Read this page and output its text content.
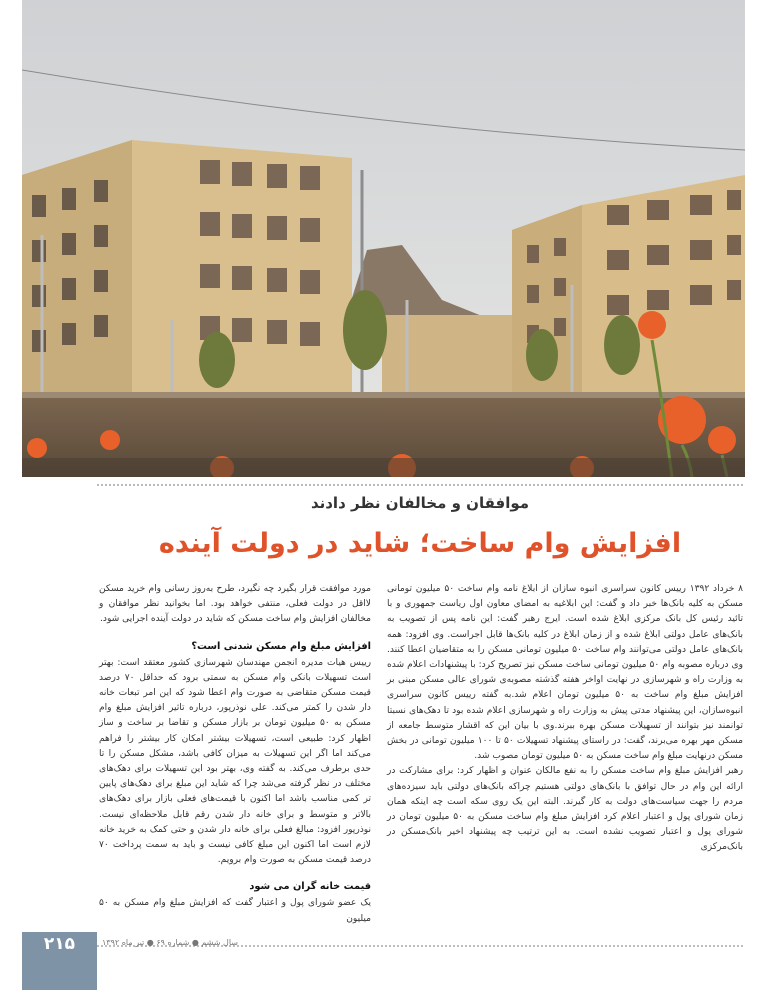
موافقان و مخالفان نظر دادند
افزایش وام ساخت؛ شاید در دولت آینده

۸ خرداد ۱۳۹۲ رییس کانون سراسری انبوه سازان از ابلاغ نامه وام ساخت ۵۰ میلیون تومانی مسکن به کلیه بانک‌ها خبر داد و گفت: این ابلاغیه به امضای معاون اول ریاست جمهوری و با تائید رئیس کل بانک مرکزی ابلاغ شده است. ایرج رهبر گفت: این نامه پس از تصویب به بانک‌های عامل دولتی ابلاغ شده و از زمان ابلاغ در کلیه بانک‌ها قابل اجراست. وی افزود: همه بانک‌های عامل دولتی می‌توانند وام ساخت ۵۰ میلیون تومانی مسکن را به متقاضیان اعطا کنند. وی درباره مصوبه وام ۵۰ میلیون تومانی ساخت مسکن نیز تصریح کرد: با پیشنهادات اعلام شده به وزارت راه و شهرسازی در نهایت اواخر هفته گذشته مصوبه‌ی شورای عالی مسکن مبنی بر افزایش مبلغ وام ساخت به ۵۰ میلیون تومان اعلام شد.به گفته رییس کانون سراسری انبوه‌سازان، این پیشنهاد مدتی پیش به وزارت راه و شهرسازی اعلام شده بود تا دهک‌های نسبتا توانمند نیز بتوانند از تسهیلات مسکن بهره ببرند.وی با بیان این که اقشار متوسط جامعه از مسکن مهر بهره می‌برند، گفت: در راستای پیشنهاد تسهیلات ۵۰ تا ۱۰۰ میلیون تومانی در بخش مسکن درنهایت مبلغ وام ساخت مسکن به ۵۰ میلیون تومان مصوب شد.

رهبر افزایش مبلغ وام ساخت مسکن را به نفع مالکان عنوان و اظهار کرد: برای مشارکت در ارائه این وام در حال توافق با بانک‌های دولتی هستیم چراکه بانک‌های دولتی باید سیزده‌های مردم را جهت سیاست‌های دولت به کار گیرند. البته این یک روی سکه است چه اینکه همان زمان شورای پول و اعتبار اعلام کرد افزایش مبلغ وام ساخت مسکن به ۵۰ میلیون تومان در شورای پول و اعتبار تصویب نشده است. به این ترتیب چه پیشنهاد اخیر بانک‌مسکن در بانک‌مرکزی

مورد موافقت قرار بگیرد چه نگیرد، طرح به‌روز رسانی وام خرید مسکن لااقل در دولت فعلی، منتفی خواهد بود. اما بخوانید نظر موافقان و مخالفان افزایش وام ساخت مسکن که شاید در دولت آینده اجرایی شود.

افزایش مبلغ وام مسکن شدنی است؟

رییس هیات مدیره انجمن مهندسان شهرسازی کشور معتقد است: بهتر است تسهیلات بانکی وام مسکن به سمتی برود که حداقل ۷۰ درصد قیمت مسکن متقاضی به صورت وام اعطا شود که این امر تبعات خانه دار شدن را کمتر می‌کند. علی نوذرپور، درباره تاثیر افزایش مبلغ وام مسکن به ۵۰ میلیون تومان بر بازار مسکن و تقاضا بر ساخت و ساز اظهار کرد: طبیعی است، تسهیلات بیشتر امکان کار بیشتر را فراهم می‌کند اما اگر این تسهیلات به میزان کافی باشد، مشکل مسکن را تا حدی برطرف می‌کند. به گفته وی، بهتر بود این تسهیلات برای دهک‌های مختلف در نظر گرفته می‌شد چرا که شاید این مبلغ برای دهک‌های پایین تر کمی مناسب باشد اما اکنون با قیمت‌های فعلی بازار برای دهک‌های بالاتر و متوسط و برای خانه دار شدن رقم قابل ملاحظه‌ای نیست. نوذرپور افزود: مبالغ فعلی برای خانه دار شدن و حتی کمک به خرید خانه لازم است اما اکنون این مبلغ کافی نیست و باید به سمت پرداخت ۷۰ درصد قیمت مسکن به صورت وام برویم.

قیمت خانه گران می شود

یک عضو شورای پول و اعتبار گفت که افزایش مبلغ وام مسکن به ۵۰ میلیون

۲۱۵	سال ششم ● شماره ۶۹ ● تیر ماه ۱۳۹۲
